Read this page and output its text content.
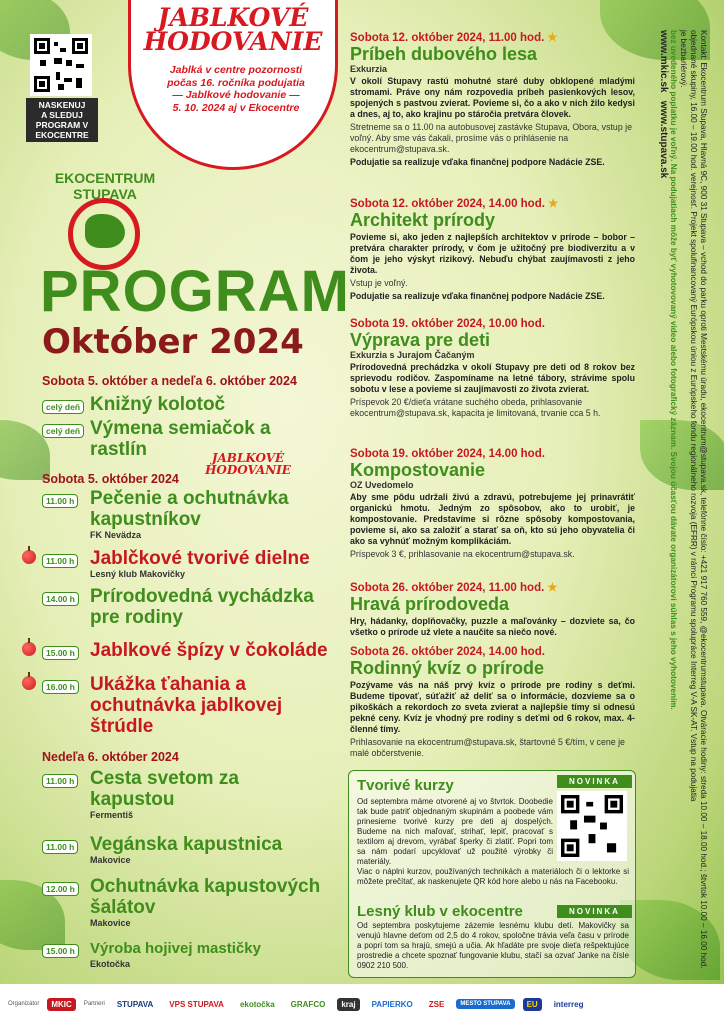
NASKENUJ
A SLEDUJ
PROGRAM V
EKOCENTRE
JABLKOVÉ
HODOVANIE
Jablká v centre pozornosti
počas 16. ročníka podujatia
— Jablkové hodovanie —
5. 10. 2024 aj v Ekocentre
EKOCENTRUM STUPAVA
PROGRAM
Október 2024
Sobota 5. október a nedeľa 6. október 2024
celý deň Knižný kolotoč
celý deň Výmena semiačok a rastlín
Sobota 5. október 2024
JABLKOVÉ
HODOVANIE
11.00 h Pečenie a ochutnávka kapustníkov
FK Nevädza
11.00 h Jablčkové tvorivé dielne
Lesný klub Makovičky
14.00 h Prírodovedná vychádzka pre rodiny
15.00 h Jablkové špízy v čokoláde
16.00 h Ukážka ťahania a ochutnávka jablkovej štrúdle
Nedeľa 6. október 2024
11.00 h Cesta svetom za kapustou
Fermentiš
11.00 h Vegánska kapustnica
Makovice
12.00 h Ochutnávka kapustových šalátov
Makovice
15.00 h Výroba hojivej mastičky
Ekotočka
Sobota 12. október 2024, 11.00 hod. ★
Príbeh dubového lesa
Exkurzia
V okolí Stupavy rastú mohutné staré duby obklopené mladými stromami. Práve ony nám rozpovedia príbeh pasienkových lesov, spojených s pastvou zvierat. Povieme si, čo a ako v nich žilo kedysi a dnes, aj to, ako krajinu po stáročia pretvára človek.
Stretneme sa o 11.00 na autobusovej zastávke Stupava, Obora, vstup je voľný. Aby sme vás čakali, prosíme vás o prihlásenie na ekocentrum@stupava.sk.
Podujatie sa realizuje vďaka finančnej podpore Nadácie ZSE.
Sobota 12. október 2024, 14.00 hod. ★
Architekt prírody
Povieme si, ako jeden z najlepších architektov v prírode – bobor – pretvára charakter prírody, v čom je užitočný pre biodiverzitu a v čom je jeho výskyt rizikový. Nebuďu chýbat zaujímavosti z jeho života.
Vstup je voľný.
Podujatie sa realizuje vďaka finančnej podpore Nadácie ZSE.
Sobota 19. október 2024, 10.00 hod.
Výprava pre deti
Exkurzia s Jurajom Čačaným
Prírodovedná prechádzka v okolí Stupavy pre deti od 8 rokov bez sprievodu rodičov. Zaspomíname na letné tábory, strávime spolu sobotu v lese a povieme si zaujímavosti zo života zvierat.
Príspevok 20 €/dieťa vrátane suchého obeda, prihlasovanie ekocentrum@stupava.sk, kapacita je limitovaná, trvanie cca 5 h.
Sobota 19. október 2024, 14.00 hod.
Kompostovanie
OZ Uvedomelo
Aby sme pôdu udržali živú a zdravú, potrebujeme jej prinavrátiť organickú hmotu. Jedným zo spôsobov, ako to urobiť, je kompostovanie. Predstavíme si rôzne spôsoby kompostovania, povieme si, ako sa založiť a starať sa oň, kto sú jeho obyvatelia či ako sa vyhnúť možným komplikáciám.
Príspevok 3 €, prihlasovanie na ekocentrum@stupava.sk.
Sobota 26. október 2024, 11.00 hod. ★
Hravá prírodoveda
Hry, hádanky, doplňovačky, puzzle a maľovánky – dozviete sa, čo všetko o prírode už vlete a naučite sa niečo nové.
Sobota 26. október 2024, 14.00 hod.
Rodinný kvíz o prírode
Pozývame vás na náš prvý kvíz o prírode pre rodiny s deťmi. Budeme tipovať, súťažiť až deliť sa o informácie, dozvieme sa o pikoškách a rekordoch zo sveta zvierat a najlepšie tímy si odnesú pekné ceny. Kvíz je vhodný pre rodiny s deťmi od 6 rokov, max. 4-členné tímy.
Prihlasovanie na ekocentrum@stupava.sk, štartovné 5 €/tím, v cene je malé občerstvenie.
Tvorivé kurzy	NOVINKA
Od septembra máme otvorené aj vo štvrtok. Doobedie tak bude patriť objednaným skupinám a poobede vám prinesieme tvorivé kurzy pre deti aj dospelých. Budeme na nich maľovať, strihať, lepiť, pracovať s textilom aj drevom, vyrábať šperky či zlatiť. Popri tom sa nám podarí upcyklovať už použité výrobky či materiály.
Viac o náplni kurzov, používaných technikách a materiáloch či o lektorke si môžete prečítať, ak naskenujete QR kód hore alebo u nás na Facebooku.
Lesný klub v ekocentre	NOVINKA
Od septembra poskytujeme zázemie lesnému klubu detí. Makovičky sa venujú hlavne deťom od 2,5 do 4 rokov, spoločne trávia veľa času v prírode a popri tom sa hrajú, smejú a učia. Ak hľadáte pre svoje dieťa rešpektujúce prostredie a chcete spoznať fungovanie klubu, stačí sa ozvať Janke na čísle 0902 210 500.	Kontakt: Ekocentrum Stupava, Hlavná 9C, 900 31 Stupava – vchod do parku oproti Mestskému úradu, ekocentrum@stupava.sk, telefónne číslo: +421 917 760 559, @ekocentrumstupava. Otváracie hodiny: streda 10.00 – 18.00 hod.; štvrtok 10.00 – 16.00 hod. objednané skupiny, 16.00 – 19.00 hod. verejnosť. Projekt spolufinancovaný Európskou úniou z Európskeho fondu regionálneho rozvoja (EFRR) v rámci Programu spolupráce Interreg V-A SK-AT. Vstup na podujatia
je bezbariérový.
bez uvedeného poplatku je voľný. Na podujatiach môže byť vyhotovovaný video alebo fotografický záznam. Svojou účasťou dávate organizátorovi súhlas s jeho vyhotovením.
www.mkic.sk   www.stupava.sk
Organizátor	MKIC	Partneri	STUPAVA	VPS STUPAVA	ekotočka	GRAFCO	kraj	PAPIERKO	ZSE	MESTO STUPAVA	EU	interreg
